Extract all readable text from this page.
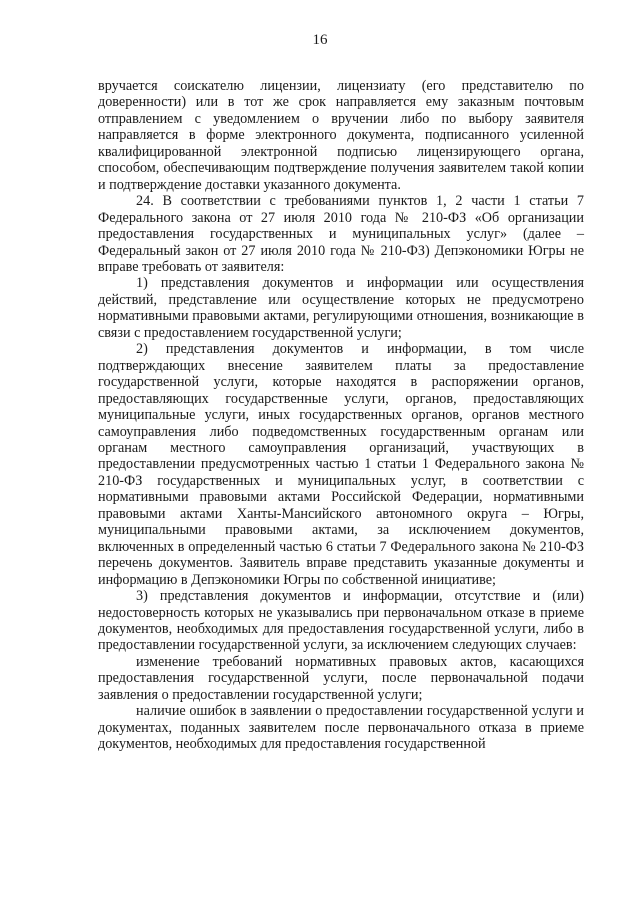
16

вручается соискателю лицензии, лицензиату (его представителю по доверенности) или в тот же срок направляется ему заказным почтовым отправлением с уведомлением о вручении либо по выбору заявителя направляется в форме электронного документа, подписанного усиленной квалифицированной электронной подписью лицензирующего органа, способом, обеспечивающим подтверждение получения заявителем такой копии и подтверждение доставки указанного документа.

24. В соответствии с требованиями пунктов 1, 2 части 1 статьи 7 Федерального закона от 27 июля 2010 года № 210-ФЗ «Об организации предоставления государственных и муниципальных услуг» (далее – Федеральный закон от 27 июля 2010 года № 210-ФЗ) Депэкономики Югры не вправе требовать от заявителя:

1) представления документов и информации или осуществления действий, представление или осуществление которых не предусмотрено нормативными правовыми актами, регулирующими отношения, возникающие в связи с предоставлением государственной услуги;

2) представления документов и информации, в том числе подтверждающих внесение заявителем платы за предоставление государственной услуги, которые находятся в распоряжении органов, предоставляющих государственные услуги, органов, предоставляющих муниципальные услуги, иных государственных органов, органов местного самоуправления либо подведомственных государственным органам или органам местного самоуправления организаций, участвующих в предоставлении предусмотренных частью 1 статьи 1 Федерального закона № 210-ФЗ государственных и муниципальных услуг, в соответствии с нормативными правовыми актами Российской Федерации, нормативными правовыми актами Ханты-Мансийского автономного округа – Югры, муниципальными правовыми актами, за исключением документов, включенных в определенный частью 6 статьи 7 Федерального закона № 210-ФЗ перечень документов. Заявитель вправе представить указанные документы и информацию в Депэкономики Югры по собственной инициативе;

3) представления документов и информации, отсутствие и (или) недостоверность которых не указывались при первоначальном отказе в приеме документов, необходимых для предоставления государственной услуги, либо в предоставлении государственной услуги, за исключением следующих случаев:

изменение требований нормативных правовых актов, касающихся предоставления государственной услуги, после первоначальной подачи заявления о предоставлении государственной услуги;

наличие ошибок в заявлении о предоставлении государственной услуги и документах, поданных заявителем после первоначального отказа в приеме документов, необходимых для предоставления государственной
